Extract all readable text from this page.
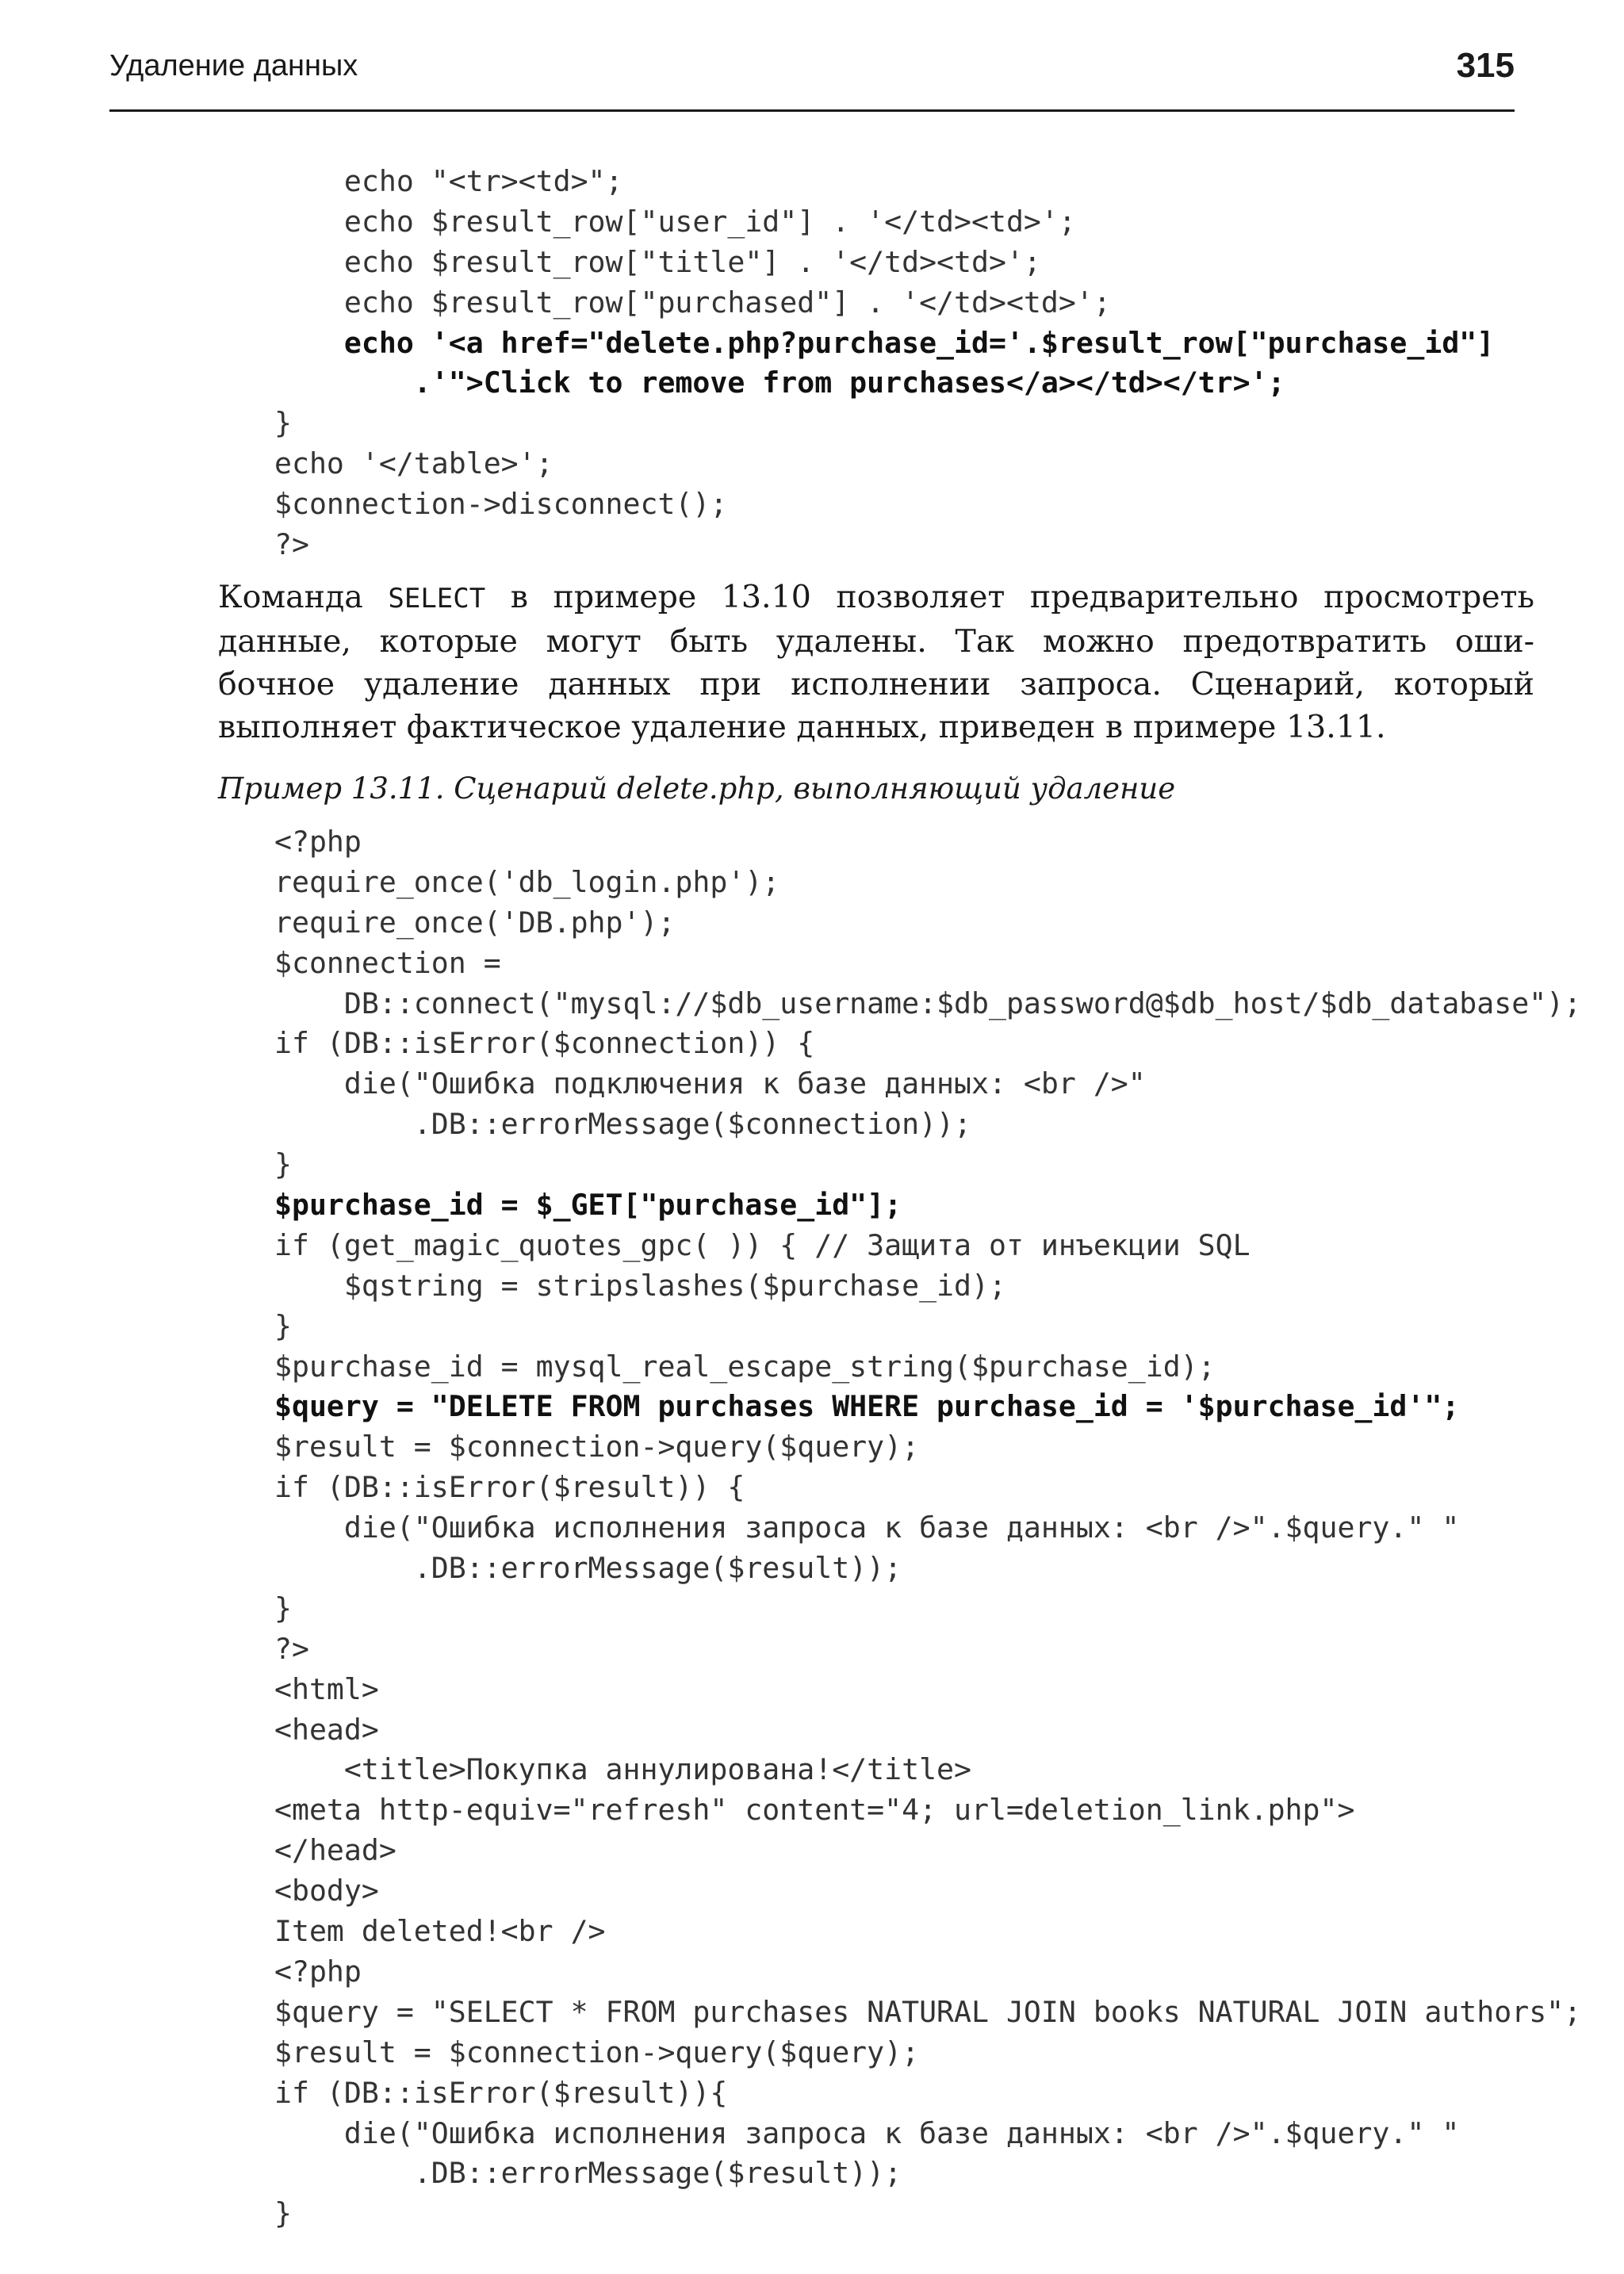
Удаление данных	315
echo "<tr><td>";
echo $result_row["user_id"] . '</td><td>';
echo $result_row["title"] . '</td><td>';
echo $result_row["purchased"] . '</td><td>';
echo '<a href="delete.php?purchase_id='.$result_row["purchase_id"]
.'">Click to remove from purchases</a></td></tr>';
}
echo '</table>';
$connection->disconnect();
?>
Команда SELECT в примере 13.10 позволяет предварительно просмотреть
данные, которые могут быть удалены. Так можно предотвратить оши-
бочное удаление данных при исполнении запроса. Сценарий, который
выполняет фактическое удаление данных, приведен в примере 13.11.
Пример 13.11. Сценарий delete.php, выполняющий удаление
<?php
require_once('db_login.php');
require_once('DB.php');
$connection =
DB::connect("mysql://$db_username:$db_password@$db_host/$db_database");
if (DB::isError($connection)) {
die("Ошибка подключения к базе данных: <br />"
.DB::errorMessage($connection));
}
$purchase_id = $_GET["purchase_id"];
if (get_magic_quotes_gpc( )) { // Защита от инъекции SQL
$qstring = stripslashes($purchase_id);
}
$purchase_id = mysql_real_escape_string($purchase_id);
$query = "DELETE FROM purchases WHERE purchase_id = '$purchase_id'";
$result = $connection->query($query);
if (DB::isError($result)) {
die("Ошибка исполнения запроса к базе данных: <br />".$query." "
.DB::errorMessage($result));
}
?>
<html>
<head>
<title>Покупка аннулирована!</title>
<meta http-equiv="refresh" content="4; url=deletion_link.php">
</head>
<body>
Item deleted!<br />
<?php
$query = "SELECT * FROM purchases NATURAL JOIN books NATURAL JOIN authors";
$result = $connection->query($query);
if (DB::isError($result)){
die("Ошибка исполнения запроса к базе данных: <br />".$query." "
.DB::errorMessage($result));
}
